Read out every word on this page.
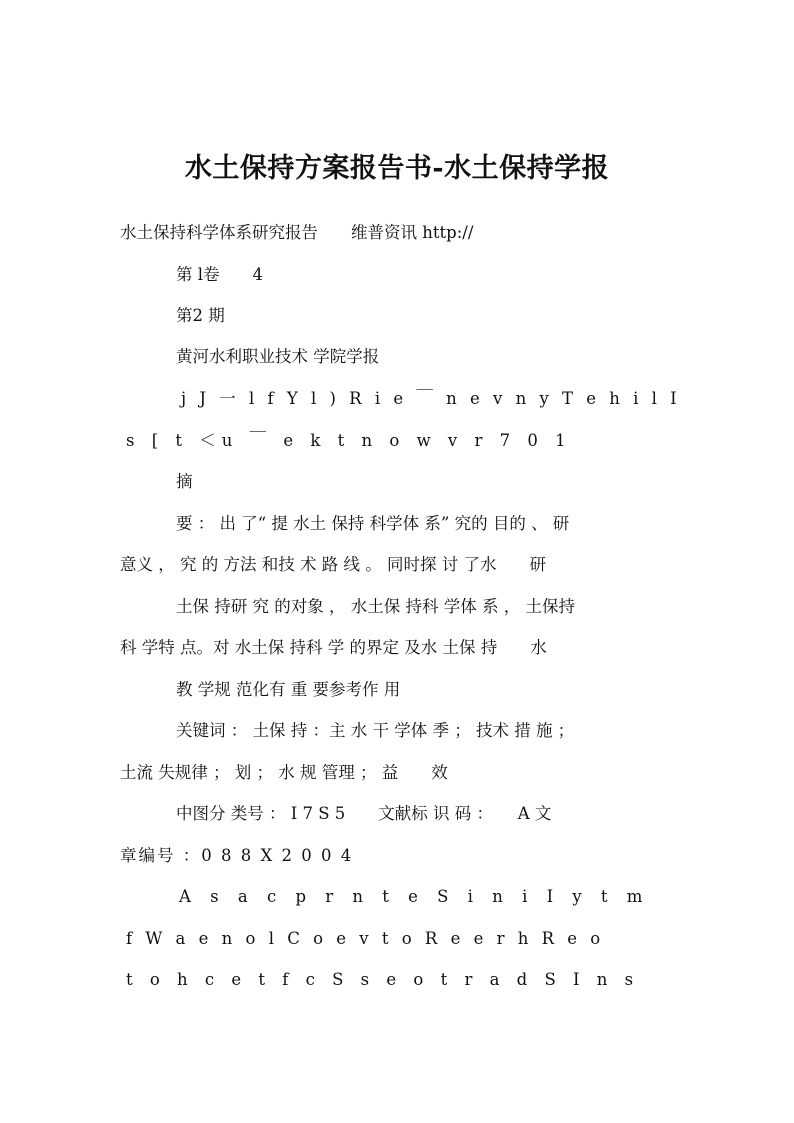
水土保持方案报告书-水土保持学报
水土保持科学体系研究报告　　维普资讯 http://
第 l卷　　4
第2 期
黄河水利职业技术 学院学报
j J 一 l f Y l ) R i e ￣ n e v n y T e h i l I
s [ t ＜u ￣ e k t n o w v r 7 0 1
摘
要 ： 出 了“ 提 水土 保持 科学体 系” 究的 目的 、 研
意义 ， 究 的 方法 和技 术 路 线 。 同时探 讨 了水　　研
土保 持研 究 的对象 ， 水土保 持科 学体 系 ， 土保持
科 学特 点。对 水土保 持科 学 的界定 及水 土保 持　　水
教 学规 范化有 重 要参考作 用
关键词 ： 土保 持 ：主 水 干 学体 季 ； 技术 措 施 ；
土流 失规律 ； 划 ； 水 规 管理 ； 益　　效
中图分 类号 ： I 7 S 5　　文献标 识 码 ：　　A 文
章编号 ：0 8 8 X 2 0 0 4
A s a c p r n t e S i n i I y t m
f W a e n o l C o e v t o R e e r h R e o
t o h c e t f c S s e o t r a d S I n s
